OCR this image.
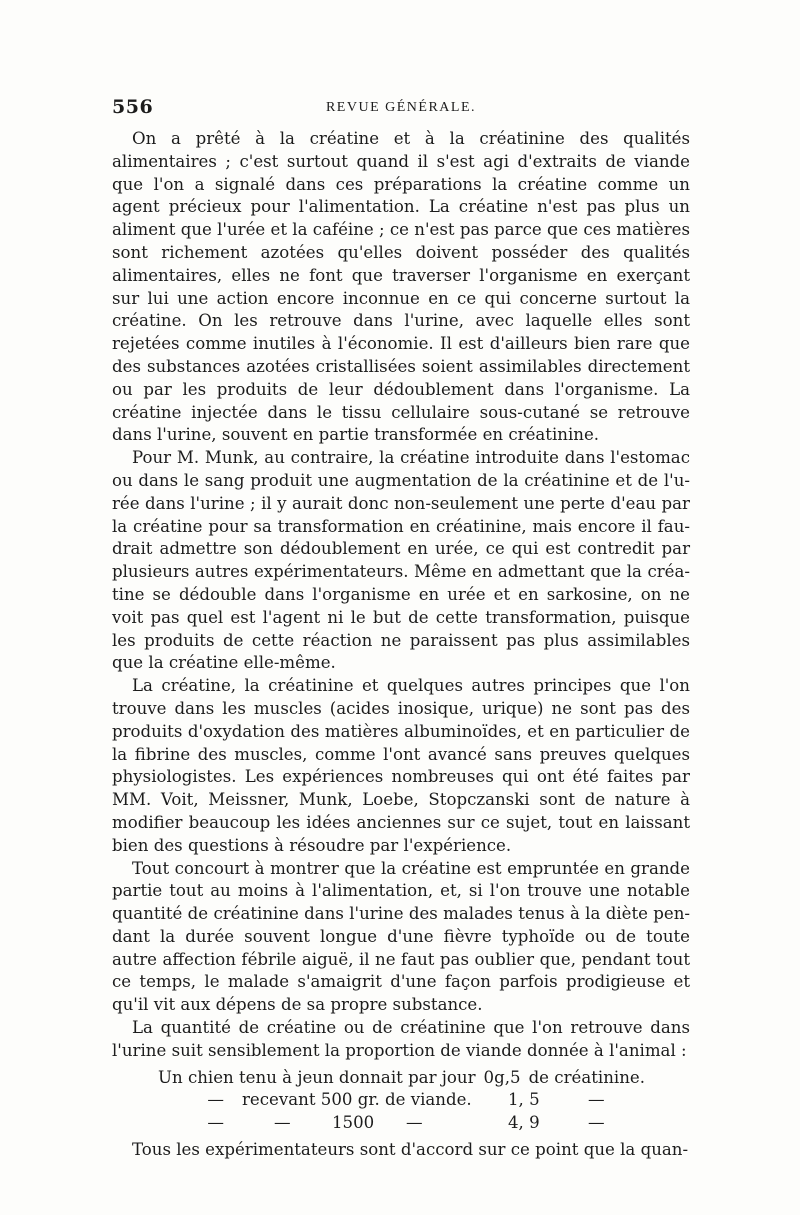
556	REVUE GÉNÉRALE.

On a prêté à la créatine et à la créatinine des qualités alimentaires ; c'est surtout quand il s'est agi d'extraits de viande que l'on a signalé dans ces préparations la créatine comme un agent précieux pour l'alimentation. La créatine n'est pas plus un aliment que l'urée et la caféine ; ce n'est pas parce que ces matières sont richement azotées qu'elles doivent posséder des qualités alimentaires, elles ne font que traverser l'organisme en exerçant sur lui une action encore inconnue en ce qui concerne surtout la créatine. On les retrouve dans l'urine, avec laquelle elles sont rejetées comme inutiles à l'économie. Il est d'ailleurs bien rare que des substances azotées cristallisées soient assimilables directement ou par les produits de leur dédoublement dans l'organisme. La créatine injectée dans le tissu cellulaire sous-cutané se retrouve dans l'urine, souvent en partie transformée en créatinine.

Pour M. Munk, au contraire, la créatine introduite dans l'estomac ou dans le sang produit une augmentation de la créatinine et de l'urée dans l'urine ; il y aurait donc non-seulement une perte d'eau par la créatine pour sa transformation en créatinine, mais encore il faudrait admettre son dédoublement en urée, ce qui est contredit par plusieurs autres expérimentateurs. Même en admettant que la créatine se dédouble dans l'organisme en urée et en sarkosine, on ne voit pas quel est l'agent ni le but de cette transformation, puisque les produits de cette réaction ne paraissent pas plus assimilables que la créatine elle-même.

La créatine, la créatinine et quelques autres principes que l'on trouve dans les muscles (acides inosique, urique) ne sont pas des produits d'oxydation des matières albuminoïdes, et en particulier de la fibrine des muscles, comme l'ont avancé sans preuves quelques physiologistes. Les expériences nombreuses qui ont été faites par MM. Voit, Meissner, Munk, Loebe, Stopczanski sont de nature à modifier beaucoup les idées anciennes sur ce sujet, tout en laissant bien des questions à résoudre par l'expérience.

Tout concourt à montrer que la créatine est empruntée en grande partie tout au moins à l'alimentation, et, si l'on trouve une notable quantité de créatinine dans l'urine des malades tenus à la diète pendant la durée souvent longue d'une fièvre typhoïde ou de toute autre affection fébrile aiguë, il ne faut pas oublier que, pendant tout ce temps, le malade s'amaigrit d'une façon parfois prodigieuse et qu'il vit aux dépens de sa propre substance.

La quantité de créatine ou de créatinine que l'on retrouve dans l'urine suit sensiblement la proportion de viande donnée à l'animal :

Un chien tenu à jeun donnait par jour 0g,5 de créatinine.
— recevant 500 gr. de viande.	1, 5	—
—	—	1500	—	4, 9	—

Tous les expérimentateurs sont d'accord sur ce point que la quan-
